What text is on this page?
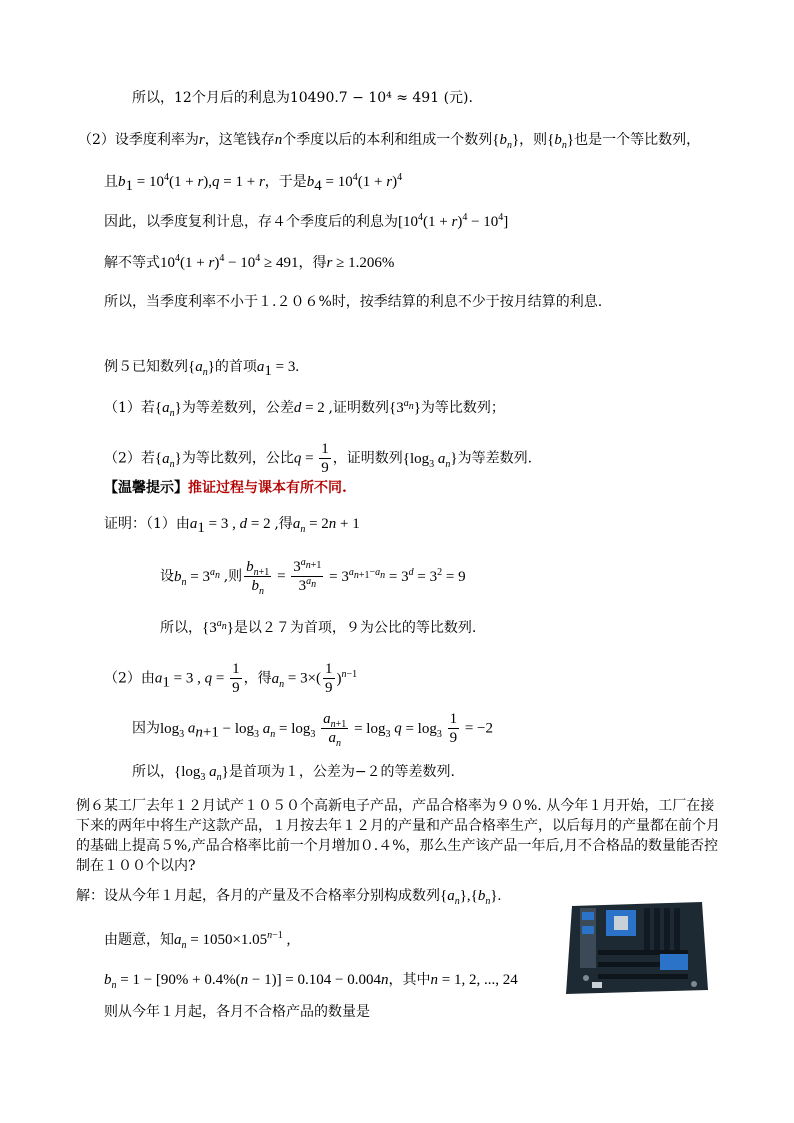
所以，12个月后的利息为10490.7 − 10⁴ ≈ 491 (元).
（2）设季度利率为r，这笔钱存n个季度以后的本利和组成一个数列$\{b_n\}$，则$\{b_n\}$也是一个等比数列，
且$b_1 = 10^4(1 + r),q = 1 + r$，于是$b_4 = 10^4(1 + r)^4$
因此，以季度复利计息，存４个季度后的利息为$[10^4(1 + r)^4 - 10^4]$
解不等式$10^4(1 + r)^4 - 10^4 \ge 491$，得r ≥ 1.206%
所以，当季度利率不小于１.２０６%时，按季结算的利息不少于按月结算的利息.
例５已知数列$\{a_n\}$的首项$a_1 = 3$.
（1）若$\{a_n\}$为等差数列，公差d = 2 ,证明数列$\{3^{a_n}\}$为等比数列；
（2）若$\{a_n\}$为等比数列，公比$q = \frac{1}{9}$ ，证明数列{$\log_3$ $a_n$}为等差数列.
【温馨提示】推证过程与课本有所不同.
证明：（1）由$a_1 = 3$ , d = 2 ,得$a_n = 2n + 1$
设$b_n = 3^{a_n}$ ,则 $\frac{b_{n+1}}{b_n} = \frac{3^{a_{n+1}}}{3^{a_n}} = 3^{a_{n+1}-a_n} = 3^d = 3^2 = 9$
所以，$\{3^{a_n}\}$是以２７为首项，９为公比的等比数列.
（2）由$a_1 = 3$ , $q = \frac{1}{9}$ ，得$a_n = 3\times( \frac{1}{9} )^{n-1}$
因为$\log_3 a_{n+1} - \log_3 a_n = \log_3 \frac{a_{n+1}}{a_n} = \log_3 q = \log_3 \frac{1}{9} = -2$
所以，{$\log_3$ $a_n$}是首项为１，公差为−２的等差数列.
例６某工厂去年１２月试产１０５０个高新电子产品，产品合格率为９０%. 从今年１月开始，工厂在接下来的两年中将生产这款产品，１月按去年１２月的产量和产品合格率生产，以后每月的产量都在前个月的基础上提高５%,产品合格率比前一个月增加０.４%，那么生产该产品一年后,月不合格品的数量能否控制在１００个以内?
解：设从今年１月起，各月的产量及不合格率分别构成数列$\{a_n\},\{b_n\}$.
由题意，知$a_n = 1050\times 1.05^{n-1}$ ,
$b_n = 1 - [90\% + 0.4\%(n - 1)] = 0.104 - 0.004n$，其中n = 1, 2, ..., 24
则从今年１月起，各月不合格产品的数量是
